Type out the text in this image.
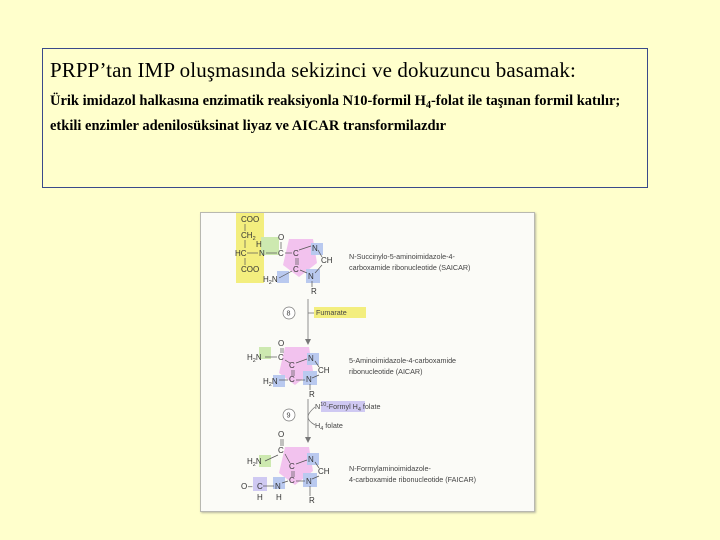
PRPP’tan IMP oluşmasında sekizinci ve dokuzuncu basamak:
Ürik imidazol halkasına enzimatik reaksiyonla N10-formil $H_4$-folat ile taşınan formil katılır; etkili enzimler adenilosüksinat liyaz ve AICAR transformilazdır
COO
$CH_2$
H
HC N C
O
COO
N
C
C
CH
N
$H_2N$
R
N-Succinylo-5-aminoimidazole-4-
carboxamide ribonucleotide (SAICAR)
8	Fumarate
O
$H_2N$ C	N
C
C
CH
N
$H_2N$
R
5-Aminoimidazole-4-carboxamide
ribonucleotide (AICAR)
9
$N^{10}$-Formyl $H_4$ folate
$H_4$ folate
O
C
$H_2N$	N
C
C
CH
N
O – C
H
N
H	R
N-Formylaminoimidazole-
4-carboxamide ribonucleotide (FAICAR)
